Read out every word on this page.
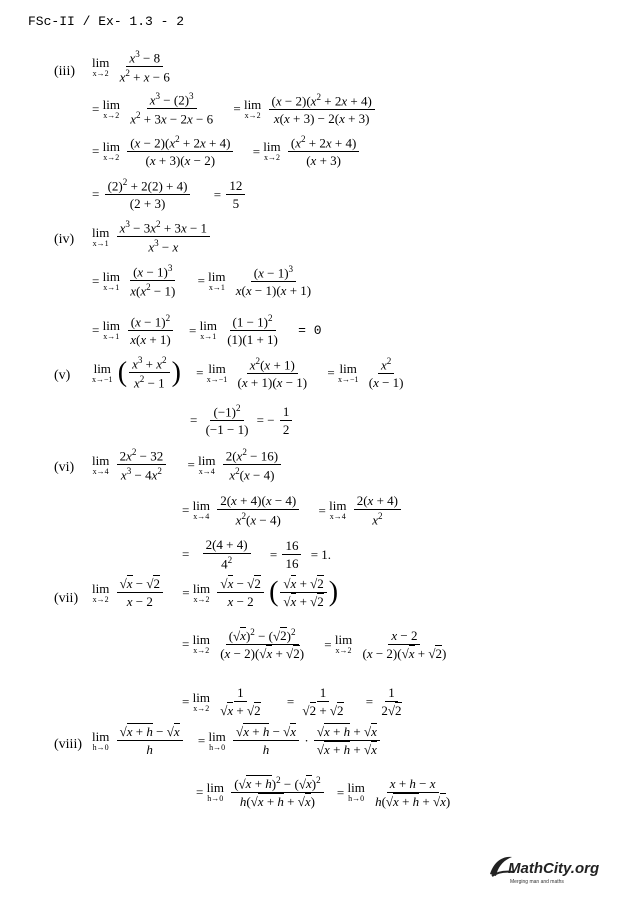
FSc-II / Ex- 1.3 - 2
(iii)
lim
x→2
$\frac{x^3 - 8}{x^2 + x - 6}$
= lim
x→2
$\frac{x^3 - (2)^3}{x^2 + 3x - 2x - 6} = \lim$
x→2
$\frac{(x - 2)(x^2 + 2x + 4)}{x(x + 3) - 2(x + 3)}$
= lim
x→2
$\frac{(x - 2)(x^2 + 2x + 4)}{(x + 3)(x - 2)} = \lim$
x→2
$\frac{(x^2 + 2x + 4)}{(x + 3)}$
= $\frac{(2)^2 + 2(2) + 4)}{(2 + 3)} = \frac{12}{5}$
(iv) lim
x→1
$\frac{x^3 - 3x^2 + 3x - 1}{x^3 - x}$
= lim
x→1
$\frac{(x - 1)^3}{x(x^2 - 1)} = \lim$
x→1
$\frac{(x - 1)^3}{x(x - 1)(x + 1)}$
= lim
x→1
$\frac{(x - 1)^2}{x(x + 1)} = \lim$
x→1
$\frac{(1 - 1)^2}{(1)(1 + 1)} = 0$
(v) lim
x→−1 ( $\frac{x^3 + x^2}{x^2 - 1}$ ) = lim
x→−1
$\frac{x^2(x + 1)}{(x + 1)(x - 1)} = \lim$
x→−1
$\frac{x^2}{(x - 1)}$
= $\frac{(-1)^2}{(-1 - 1)}$ = − $\frac{1}{2}$
(vi) lim
x→4
$\frac{2x^2 - 32}{x^3 - 4x^2} = \lim$
x→4
$\frac{2(x^2 - 16)}{x^2(x - 4)}$
= lim
x→4
$\frac{2(x + 4)(x - 4)}{x^2(x - 4)} = \lim$
x→4
$\frac{2(x + 4)}{x^2}$
= $\frac{2(4 + 4)}{4^2} = \frac{16}{16} = 1$.
(vii)
lim
x→2
$\frac{√x - √2}{x - 2} = \lim$
x→2
$\frac{√x - √2}{x - 2}$ ( $\frac{√x + √2}{√x + √2}$ )
= lim
x→2
$\frac{(√x)^2 - (√2)^2}{(x - 2)(√x + √2)} = \lim$
x→2
$\frac{x - 2}{(x - 2)(√x + √2)}$
= lim
x→2
$\frac{1}{√x + √2} = \frac{1}{√2 + √2} = \frac{1}{2√2}$
(viii)
lim
h→0
$\frac{√x + h - √x}{h} = \lim$
h→0
$\frac{√x + h - √x}{h} \cdot \frac{√x + h + √x}{√x + h + √x}$
= lim
h→0
$\frac{(√x + h)^2 - (√x)^2}{h(√x + h + √x)} = \lim$
h→0
$\frac{x + h - x}{h(√x + h + √x)}$
MathCity.org
Merging man and maths
